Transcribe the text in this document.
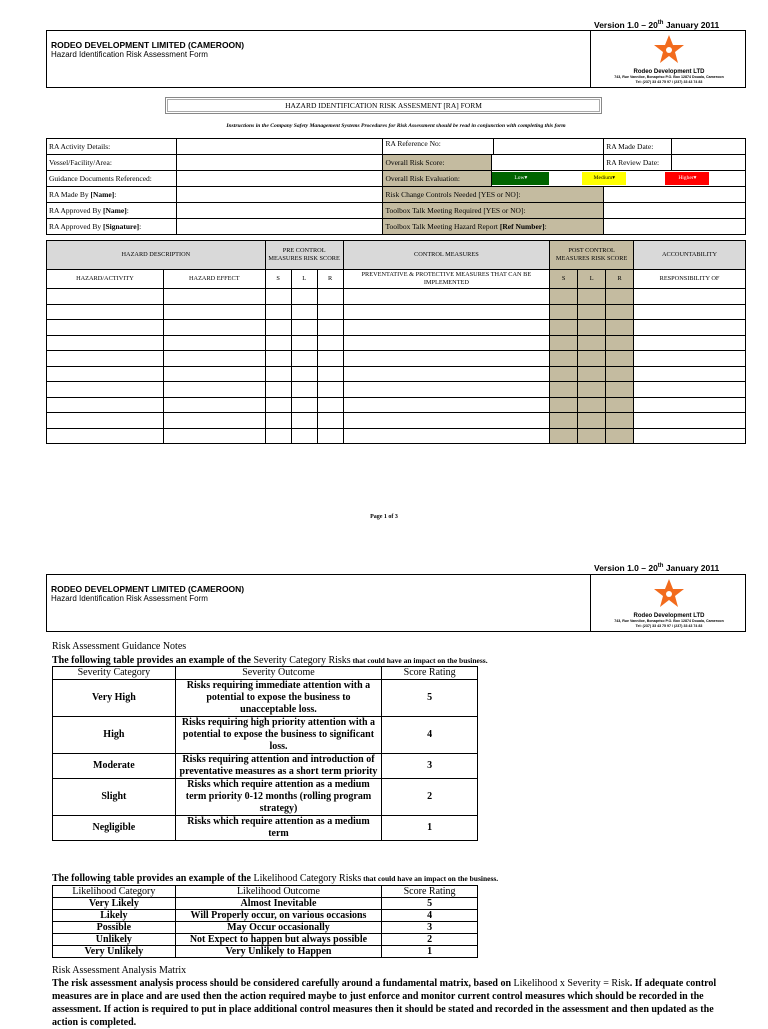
Version 1.0 – 20th January 2011
RODEO DEVELOPMENT LIMITED (CAMEROON)
Hazard Identification Risk Assessment Form
Rodeo Development LTD
743, Rue Vanniloe, Bonapriso P.O. Box 12874 Douala, Cameroon
Tel: (237) 33 43 75 97 / (237) 33 43 74 83
HAZARD IDENTIFICATION RISK ASSESMENT [RA] FORM
Instructions in the Company Safety Management Systems Procedures for Risk Assessment should be read in conjunction with completing this form
RA Activity Details:		RA Reference No:		RA Made Date:	
Vessel/Facility/Area:		Overall Risk Score:		RA Review Date:	
Guidance Documents Referenced:		Overall Risk Evaluation:	Low▾ Medium▾ Higher▾		

RA Made By [Name]:		Risk Change Controls Needed [YES or NO]:			
RA Approved By [Name]:		Toolbox Talk Meeting Required [YES or NO]:			
RA Approved By [Signature]:		Toolbox Talk Meeting Hazard Report [Ref Number]:			
HAZARD DESCRIPTION		PRE CONTROL MEASURES RISK SCORE			CONTROL MEASURES	POST CONTROL MEASURES RISK SCORE			ACCOUNTABILITY
HAZARD/ACTIVITY	HAZARD EFFECT	S	L	R	PREVENTATIVE & PROTECTIVE MEASURES THAT CAN BE IMPLEMENTED	S	L	R	RESPONSIBILITY OF

Page 1 of 3
Version 1.0 – 20th January 2011
RODEO DEVELOPMENT LIMITED (CAMEROON)
Hazard Identification Risk Assessment Form
Rodeo Development LTD
743, Rue Vanniloe, Bonapriso P.O. Box 12874 Douala, Cameroon
Tel: (237) 33 43 75 97 / (237) 33 43 74 83
Risk Assessment Guidance Notes
The following table provides an example of the Severity Category Risks that could have an impact on the business.
Severity Category	Severity Outcome	Score Rating
Very High	Risks requiring immediate attention with a potential to expose the business to unacceptable loss.	5
High	Risks requiring high priority attention with a potential to expose the business to significant loss.	4
Moderate	Risks requiring attention and introduction of preventative measures as a short term priority	3
Slight	Risks which require attention as a medium term priority 0-12 months (rolling program strategy)	2
Negligible	Risks which require attention as a medium term	1
The following table provides an example of the Likelihood Category Risks that could have an impact on the business.
Likelihood Category	Likelihood Outcome	Score Rating
Very Likely	Almost Inevitable	5
Likely	Will Properly occur, on various occasions	4
Possible	May Occur occasionally	3
Unlikely	Not Expect to happen but always possible	2
Very Unlikely	Very Unlikely to Happen	1
Risk Assessment Analysis Matrix
The risk assessment analysis process should be considered carefully around a fundamental matrix, based on Likelihood x Severity = Risk. If adequate control measures are in place and are used then the action required maybe to just enforce and monitor current control measures which should be recorded in the assessment. If action is required to put in place additional control measures then it should be stated and recorded in the assessment and then updated as the action is completed.
